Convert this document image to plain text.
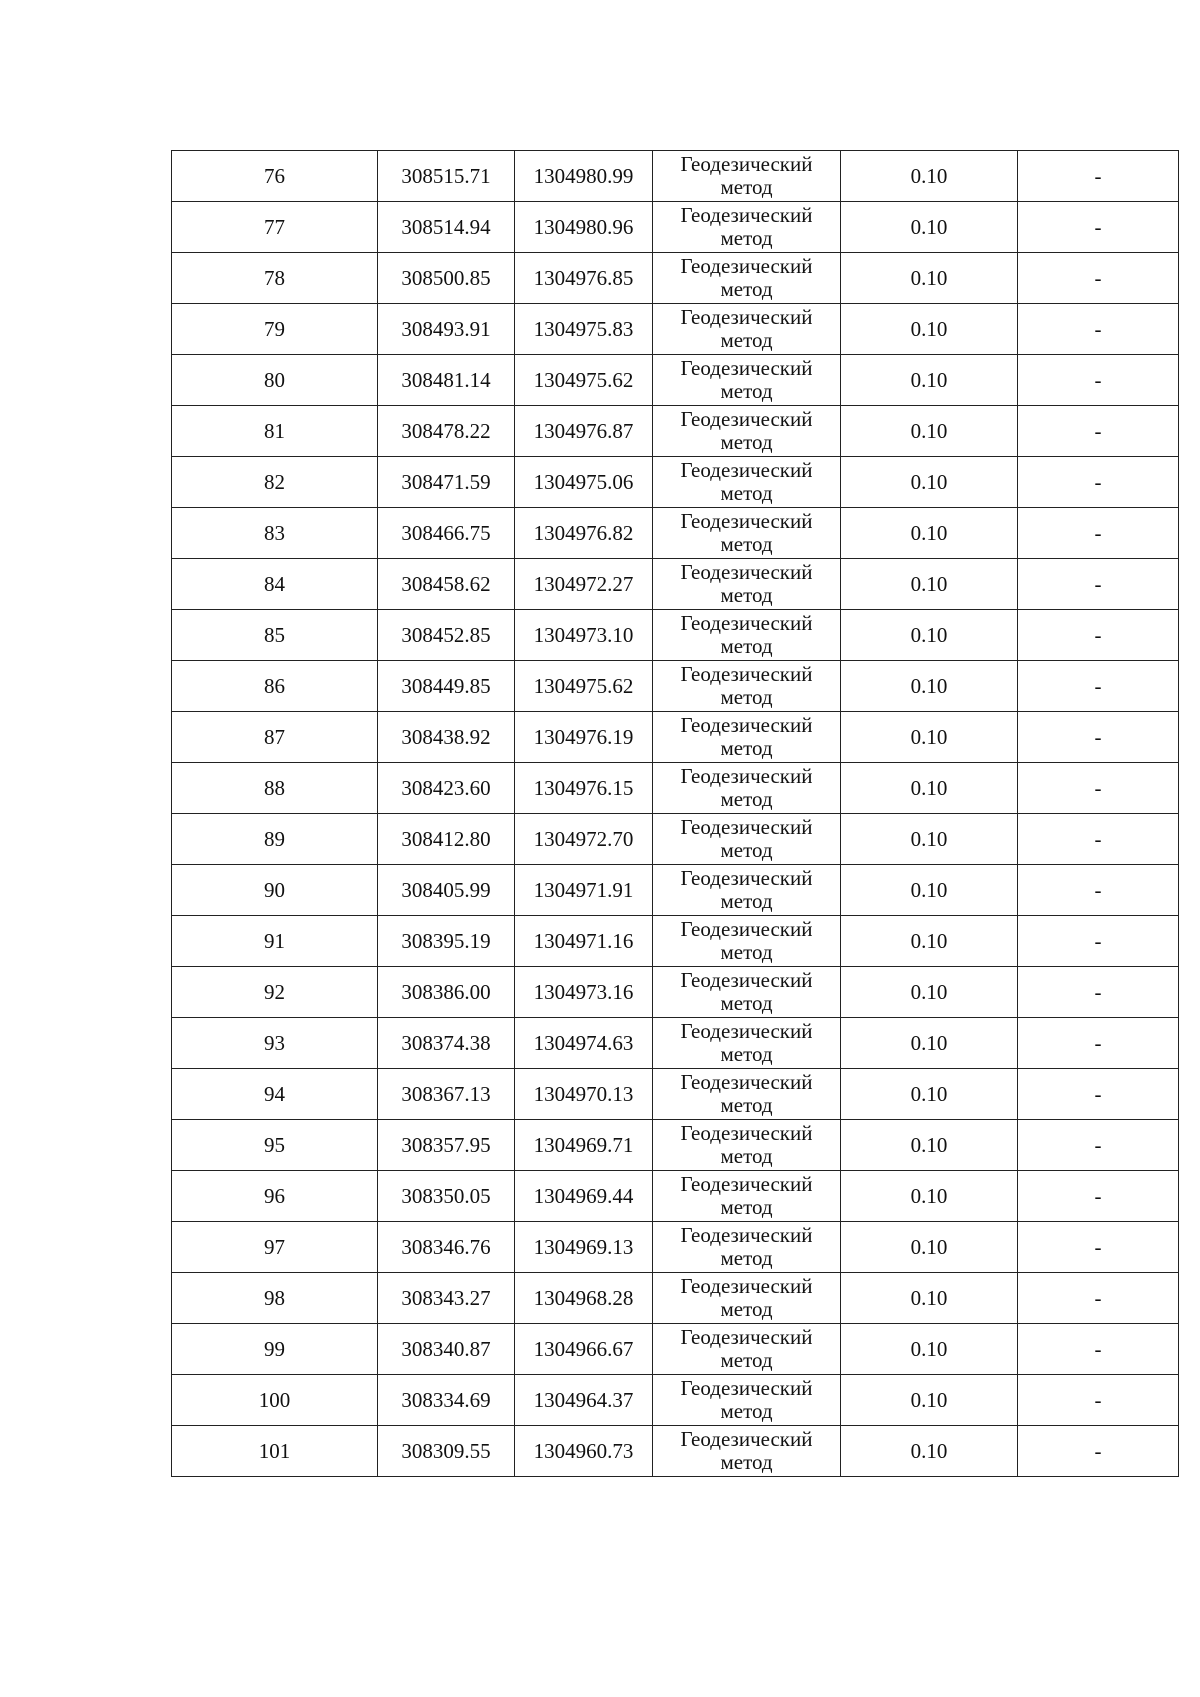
76	308515.71	1304980.99	Геодезический метод	0.10	-
77	308514.94	1304980.96	Геодезический метод	0.10	-
78	308500.85	1304976.85	Геодезический метод	0.10	-
79	308493.91	1304975.83	Геодезический метод	0.10	-
80	308481.14	1304975.62	Геодезический метод	0.10	-
81	308478.22	1304976.87	Геодезический метод	0.10	-
82	308471.59	1304975.06	Геодезический метод	0.10	-
83	308466.75	1304976.82	Геодезический метод	0.10	-
84	308458.62	1304972.27	Геодезический метод	0.10	-
85	308452.85	1304973.10	Геодезический метод	0.10	-
86	308449.85	1304975.62	Геодезический метод	0.10	-
87	308438.92	1304976.19	Геодезический метод	0.10	-
88	308423.60	1304976.15	Геодезический метод	0.10	-
89	308412.80	1304972.70	Геодезический метод	0.10	-
90	308405.99	1304971.91	Геодезический метод	0.10	-
91	308395.19	1304971.16	Геодезический метод	0.10	-
92	308386.00	1304973.16	Геодезический метод	0.10	-
93	308374.38	1304974.63	Геодезический метод	0.10	-
94	308367.13	1304970.13	Геодезический метод	0.10	-
95	308357.95	1304969.71	Геодезический метод	0.10	-
96	308350.05	1304969.44	Геодезический метод	0.10	-
97	308346.76	1304969.13	Геодезический метод	0.10	-
98	308343.27	1304968.28	Геодезический метод	0.10	-
99	308340.87	1304966.67	Геодезический метод	0.10	-
100	308334.69	1304964.37	Геодезический метод	0.10	-
101	308309.55	1304960.73	Геодезический метод	0.10	-
